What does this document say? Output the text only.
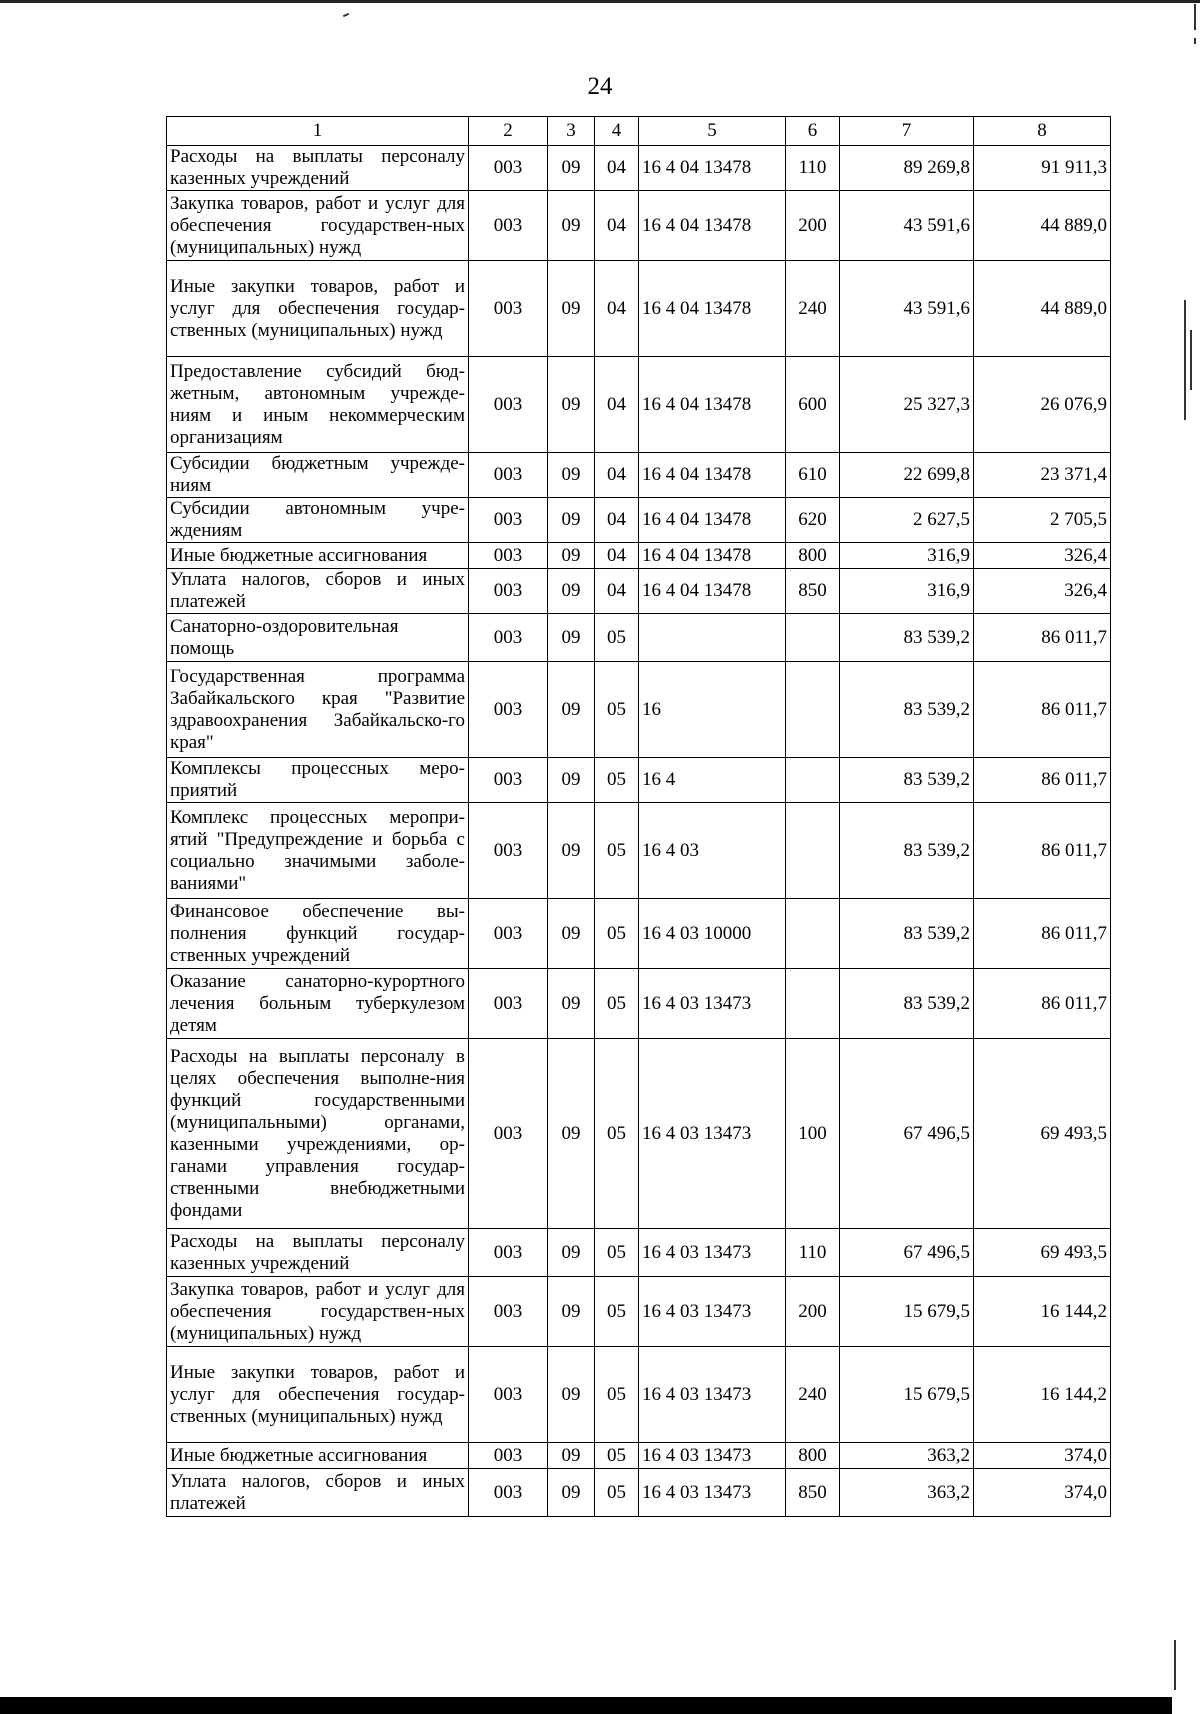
24
1	2	3	4	5	6	7	8
Расходы на выплаты персоналу казенных учреждений	003	09	04	16 4 04 13478	110	89 269,8	91 911,3
Закупка товаров, работ и услуг для обеспечения государствен-ных (муниципальных) нужд	003	09	04	16 4 04 13478	200	43 591,6	44 889,0
Иные закупки товаров, работ и услуг для обеспечения государ-ственных (муниципальных) нужд	003	09	04	16 4 04 13478	240	43 591,6	44 889,0
Предоставление субсидий бюд-жетным, автономным учрежде-ниям и иным некоммерческим организациям	003	09	04	16 4 04 13478	600	25 327,3	26 076,9
Субсидии бюджетным учрежде-ниям	003	09	04	16 4 04 13478	610	22 699,8	23 371,4
Субсидии автономным учре-ждениям	003	09	04	16 4 04 13478	620	2 627,5	2 705,5
Иные бюджетные ассигнования	003	09	04	16 4 04 13478	800	316,9	326,4
Уплата налогов, сборов и иных платежей	003	09	04	16 4 04 13478	850	316,9	326,4
Санаторно-оздоровительная помощь	003	09	05			83 539,2	86 011,7
Государственная программа Забайкальского края "Развитие здравоохранения Забайкальско-го края"	003	09	05	16		83 539,2	86 011,7
Комплексы процессных меро-приятий	003	09	05	16 4		83 539,2	86 011,7
Комплекс процессных меропри-ятий "Предупреждение и борьба с социально значимыми заболе-ваниями"	003	09	05	16 4 03		83 539,2	86 011,7
Финансовое обеспечение вы-полнения функций государ-ственных учреждений	003	09	05	16 4 03 10000		83 539,2	86 011,7
Оказание санаторно-курортного лечения больным туберкулезом детям	003	09	05	16 4 03 13473		83 539,2	86 011,7
Расходы на выплаты персоналу в целях обеспечения выполне-ния функций государственными (муниципальными) органами, казенными учреждениями, ор-ганами управления государ-ственными внебюджетными фондами	003	09	05	16 4 03 13473	100	67 496,5	69 493,5
Расходы на выплаты персоналу казенных учреждений	003	09	05	16 4 03 13473	110	67 496,5	69 493,5
Закупка товаров, работ и услуг для обеспечения государствен-ных (муниципальных) нужд	003	09	05	16 4 03 13473	200	15 679,5	16 144,2
Иные закупки товаров, работ и услуг для обеспечения государ-ственных (муниципальных) нужд	003	09	05	16 4 03 13473	240	15 679,5	16 144,2
Иные бюджетные ассигнования	003	09	05	16 4 03 13473	800	363,2	374,0
Уплата налогов, сборов и иных платежей	003	09	05	16 4 03 13473	850	363,2	374,0
